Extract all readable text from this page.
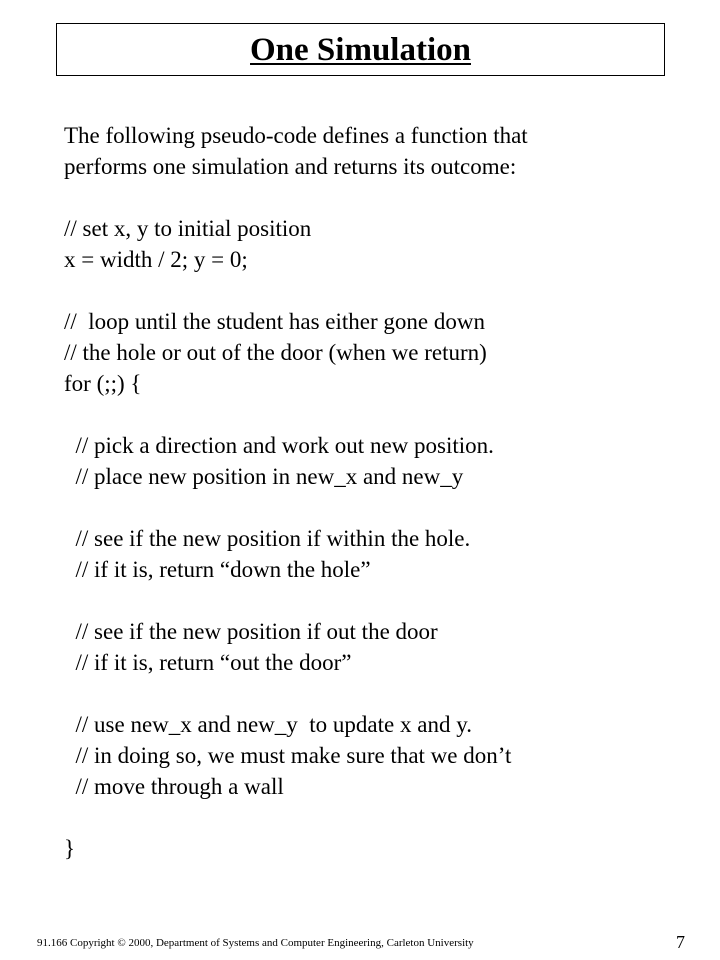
One Simulation
The following pseudo-code defines a function that
performs one simulation and returns its outcome:
// set x, y to initial position
x = width / 2; y = 0;
//  loop until the student has either gone down
// the hole or out of the door (when we return)
for (;;) {
// pick a direction and work out new position.
// place new position in new_x and new_y
// see if the new position if within the hole.
// if it is, return “down the hole”
// see if the new position if out the door
// if it is, return “out the door”
// use new_x and new_y  to update x and y.
// in doing so, we must make sure that we don’t
// move through a wall
}
91.166 Copyright © 2000, Department of Systems and Computer Engineering, Carleton University	7
